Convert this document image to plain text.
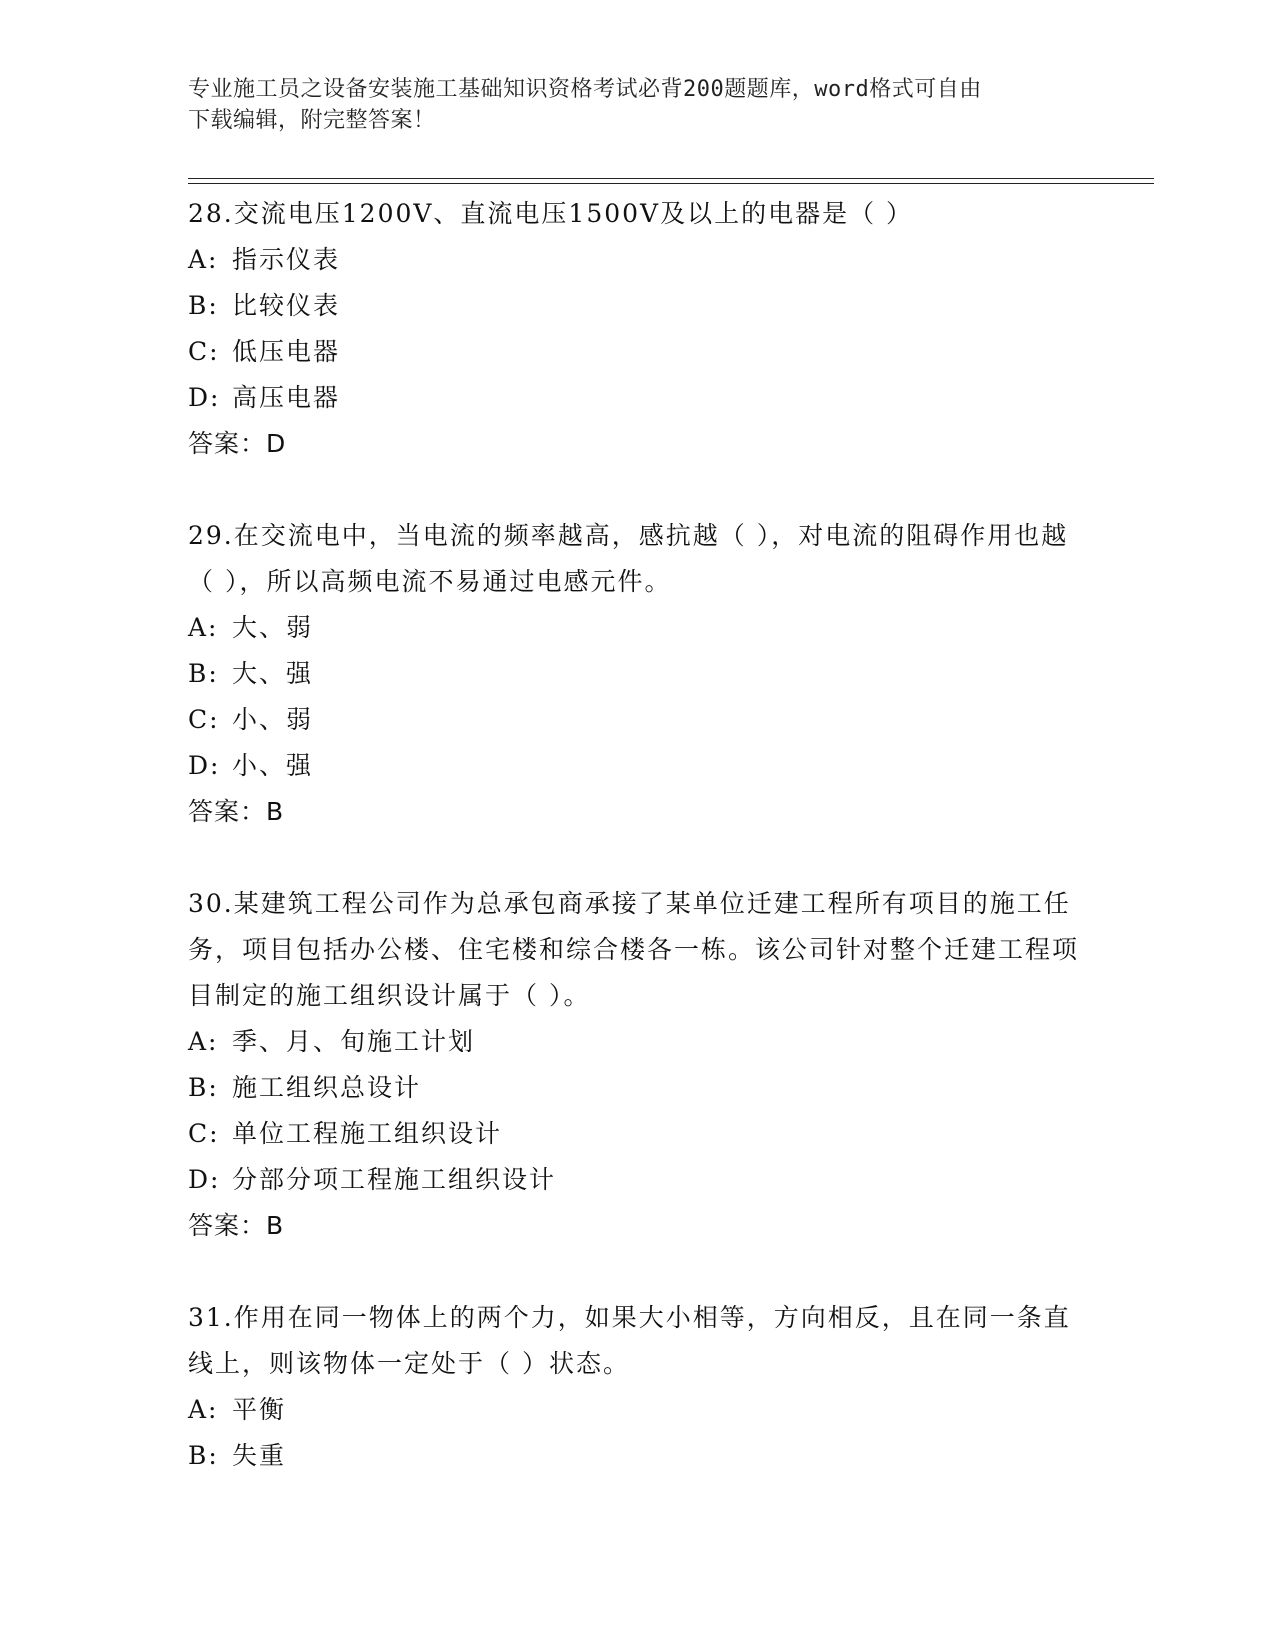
专业施工员之设备安装施工基础知识资格考试必背200题题库，word格式可自由
下载编辑，附完整答案！
28.交流电压1200V、直流电压1500V及以上的电器是（ ）
A: 指示仪表
B: 比较仪表
C: 低压电器
D: 高压电器
答案：D
29.在交流电中，当电流的频率越高，感抗越（ ），对电流的阻碍作用也越（ ），所以高频电流不易通过电感元件。
A: 大、弱
B: 大、强
C: 小、弱
D: 小、强
答案：B
30.某建筑工程公司作为总承包商承接了某单位迁建工程所有项目的施工任务，项目包括办公楼、住宅楼和综合楼各一栋。该公司针对整个迁建工程项目制定的施工组织设计属于（ ）。
A: 季、月、旬施工计划
B: 施工组织总设计
C: 单位工程施工组织设计
D: 分部分项工程施工组织设计
答案：B
31.作用在同一物体上的两个力，如果大小相等，方向相反，且在同一条直线上，则该物体一定处于（ ）状态。
A: 平衡
B: 失重
